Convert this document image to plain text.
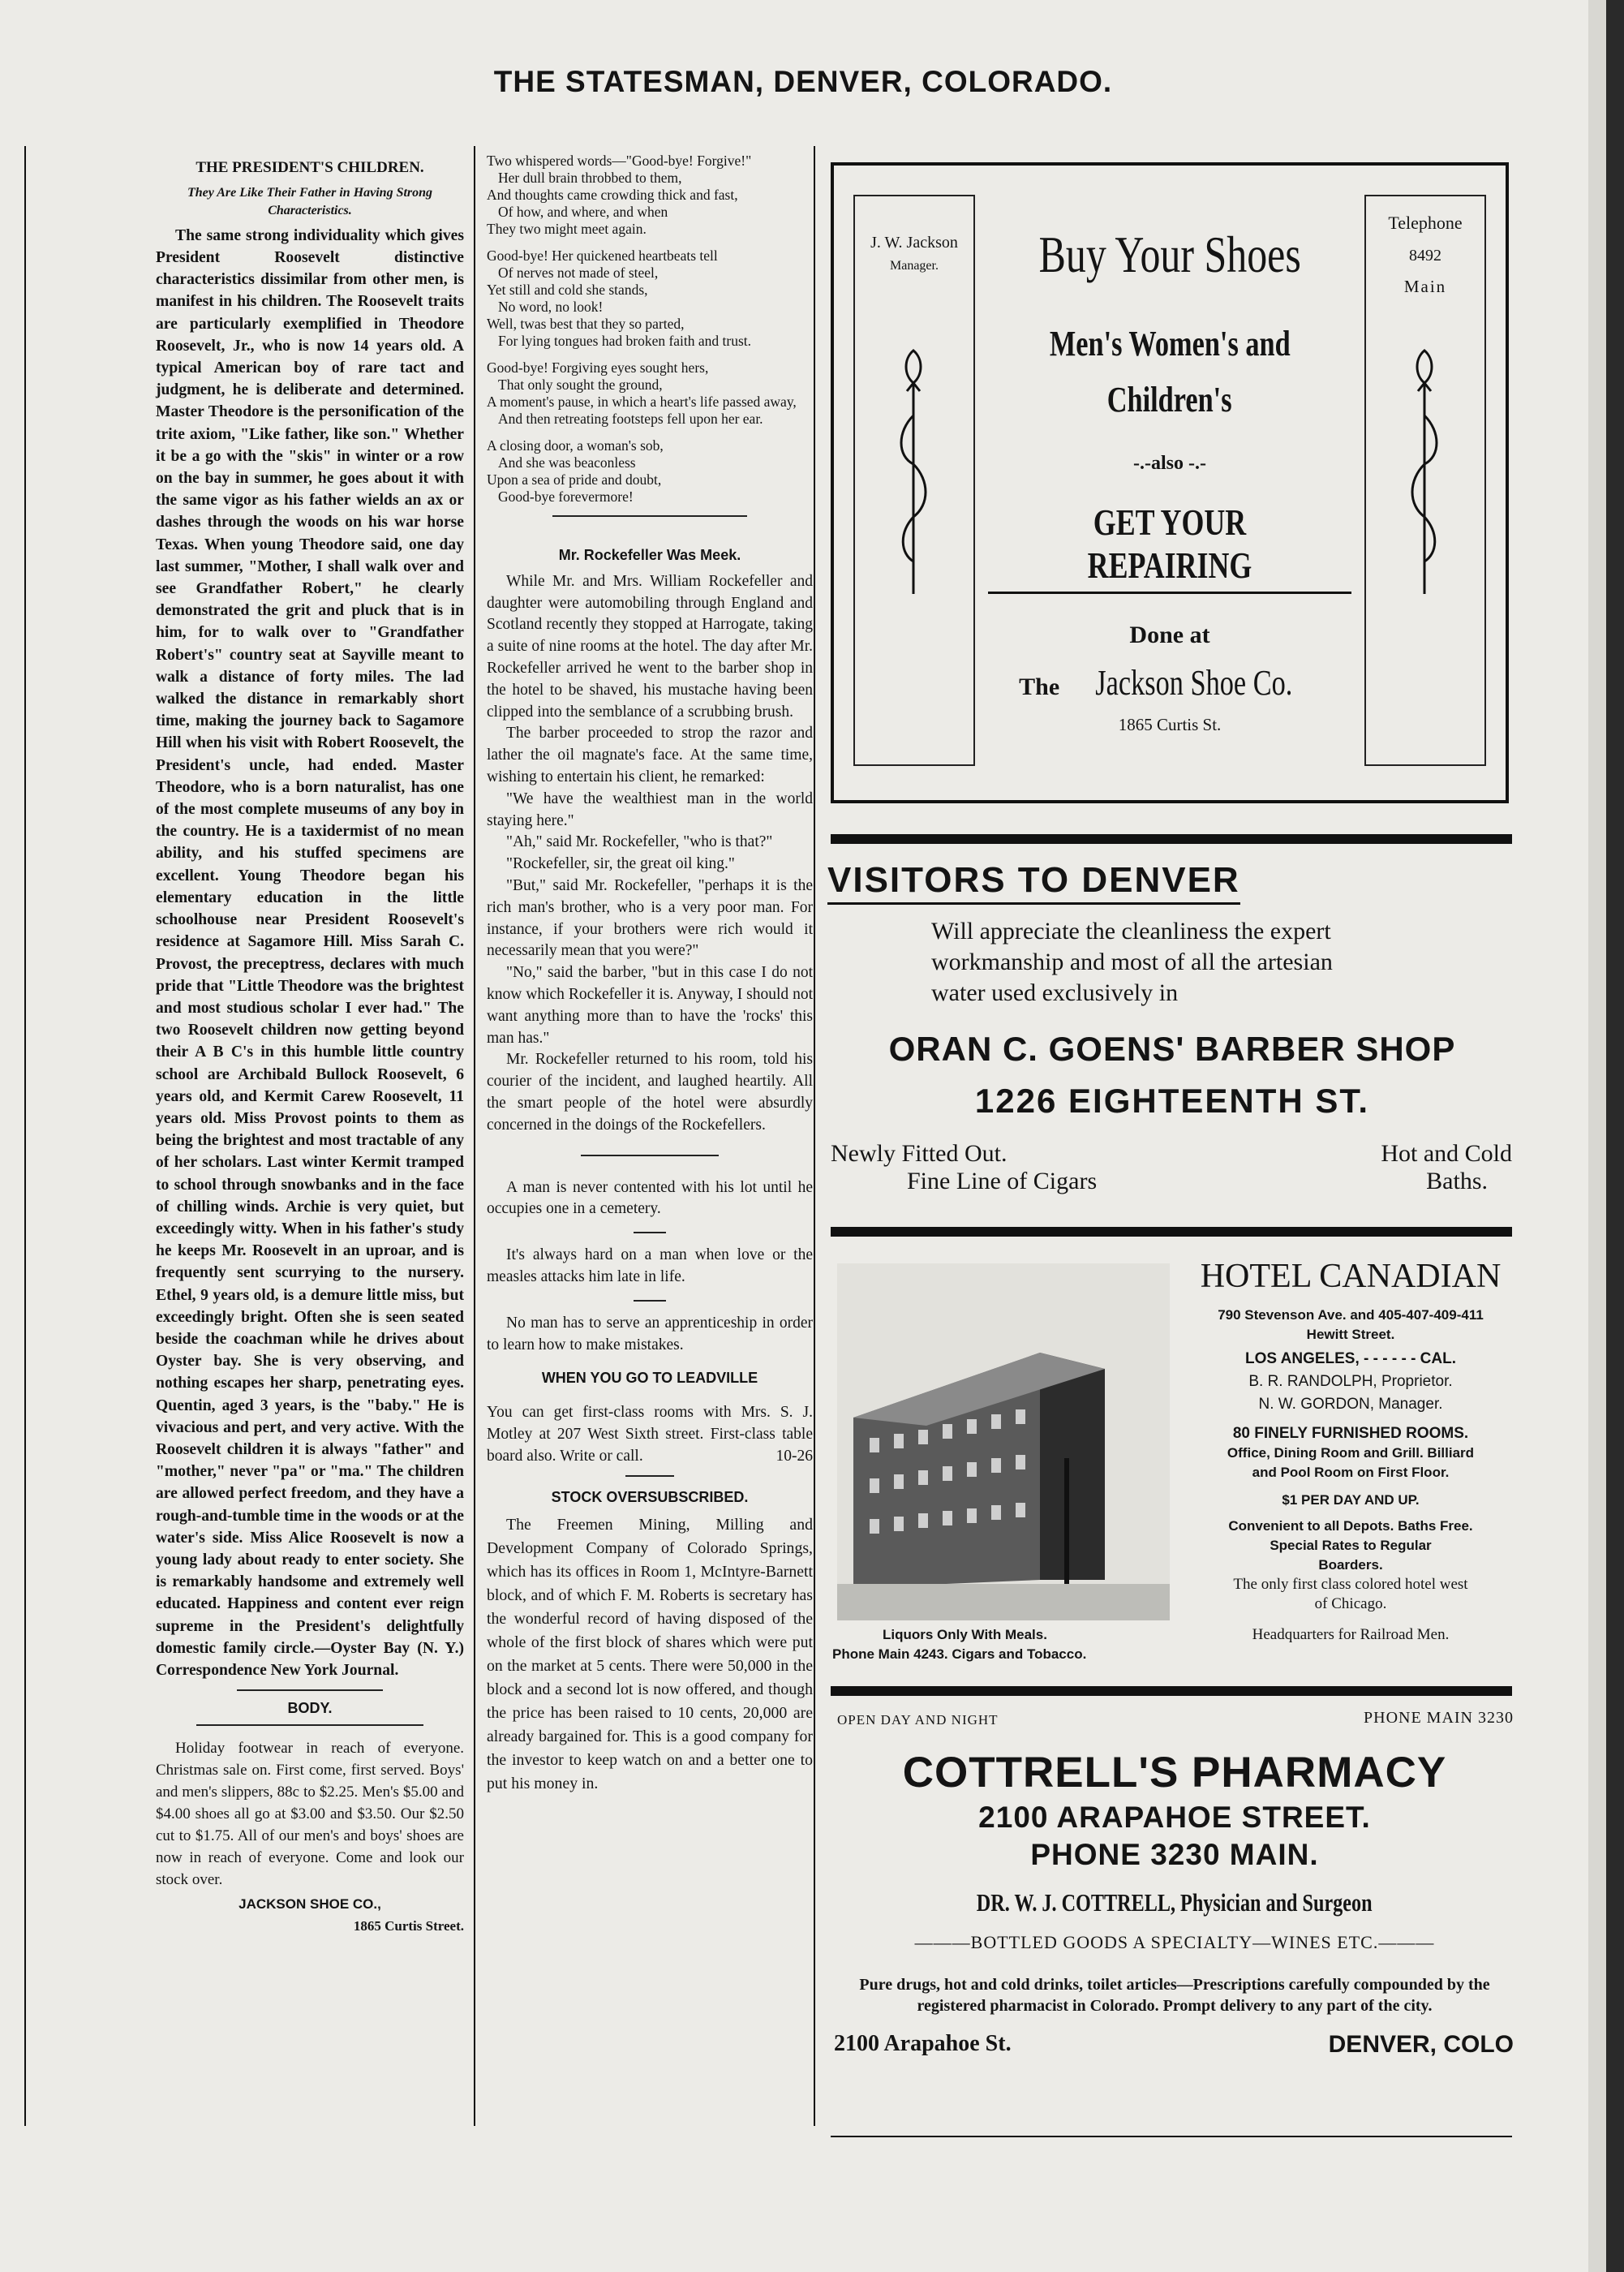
THE STATESMAN, DENVER, COLORADO.
THE PRESIDENT'S CHILDREN.
They Are Like Their Father in Having Strong Characteristics.

The same strong individuality which gives President Roosevelt distinctive characteristics dissimilar from other men, is manifest in his children. The Roosevelt traits are particularly exemplified in Theodore Roosevelt, Jr., who is now 14 years old. A typical American boy of rare tact and judgment, he is deliberate and determined. Master Theodore is the personification of the trite axiom, "Like father, like son." Whether it be a go with the "skis" in winter or a row on the bay in summer, he goes about it with the same vigor as his father wields an ax or dashes through the woods on his war horse Texas. When young Theodore said, one day last summer, "Mother, I shall walk over and see Grandfather Robert," he clearly demonstrated the grit and pluck that is in him, for to walk over to "Grandfather Robert's" country seat at Sayville meant to walk a distance of forty miles. The lad walked the distance in remarkably short time, making the journey back to Sagamore Hill when his visit with Robert Roosevelt, the President's uncle, had ended. Master Theodore, who is a born naturalist, has one of the most complete museums of any boy in the country. He is a taxidermist of no mean ability, and his stuffed specimens are excellent. Young Theodore began his elementary education in the little schoolhouse near President Roosevelt's residence at Sagamore Hill. Miss Sarah C. Provost, the preceptress, declares with much pride that "Little Theodore was the brightest and most studious scholar I ever had." The two Roosevelt children now getting beyond their A B C's in this humble little country school are Archibald Bullock Roosevelt, 6 years old, and Kermit Carew Roosevelt, 11 years old. Miss Provost points to them as being the brightest and most tractable of any of her scholars. Last winter Kermit tramped to school through snowbanks and in the face of chilling winds. Archie is very quiet, but exceedingly witty. When in his father's study he keeps Mr. Roosevelt in an uproar, and is frequently sent scurrying to the nursery. Ethel, 9 years old, is a demure little miss, but exceedingly bright. Often she is seen seated beside the coachman while he drives about Oyster bay. She is very observing, and nothing escapes her sharp, penetrating eyes. Quentin, aged 3 years, is the "baby." He is vivacious and pert, and very active. With the Roosevelt children it is always "father" and "mother," never "pa" or "ma." The children are allowed perfect freedom, and they have a rough-and-tumble time in the woods or at the water's side. Miss Alice Roosevelt is now a young lady about ready to enter society. She is remarkably handsome and extremely well educated. Happiness and content ever reign supreme in the President's delightfully domestic family circle.—Oyster Bay (N. Y.) Correspondence New York Journal.

BODY.

Holiday footwear in reach of everyone. Christmas sale on. First come, first served. Boys' and men's slippers, 88c to $2.25. Men's $5.00 and $4.00 shoes all go at $3.00 and $3.50. Our $2.50 cut to $1.75. All of our men's and boys' shoes are now in reach of everyone. Come and look our stock over.

JACKSON SHOE CO.,
1865 Curtis Street.
Two whispered words—"Good-bye! Forgive!"
Her dull brain throbbed to them,
And thoughts came crowding thick and fast,
Of how, and where, and when
They two might meet again.
Good-bye! Her quickened heartbeats tell
Of nerves not made of steel,
Yet still and cold she stands,
No word, no look!
Well, twas best that they so parted,
For lying tongues had broken faith and trust.
Good-bye! Forgiving eyes sought hers,
That only sought the ground,
A moment's pause, in which a heart's life passed away,
And then retreating footsteps fell upon her ear.
A closing door, a woman's sob,
And she was beaconless
Upon a sea of pride and doubt,
Good-bye forevermore!
Mr. Rockefeller Was Meek.

While Mr. and Mrs. William Rockefeller and daughter were automobiling through England and Scotland recently they stopped at Harrogate, taking a suite of nine rooms at the hotel. The day after Mr. Rockefeller arrived he went to the barber shop in the hotel to be shaved, his mustache having been clipped into the semblance of a scrubbing brush.

The barber proceeded to strop the razor and lather the oil magnate's face. At the same time, wishing to entertain his client, he remarked:

"We have the wealthiest man in the world staying here."

"Ah," said Mr. Rockefeller, "who is that?"

"Rockefeller, sir, the great oil king."

"But," said Mr. Rockefeller, "perhaps it is the rich man's brother, who is a very poor man. For instance, if your brothers were rich would it necessarily mean that you were?"

"No," said the barber, "but in this case I do not know which Rockefeller it is. Anyway, I should not want anything more than to have the 'rocks' this man has."

Mr. Rockefeller returned to his room, told his courier of the incident, and laughed heartily. All the smart people of the hotel were absurdly concerned in the doings of the Rockefellers.

A man is never contented with his lot until he occupies one in a cemetery.

It's always hard on a man when love or the measles attacks him late in life.

No man has to serve an apprenticeship in order to learn how to make mistakes.

WHEN YOU GO TO LEADVILLE

You can get first-class rooms with Mrs. S. J. Motley at 207 West Sixth street. First-class table board also. Write or call.	10-26

STOCK OVERSUBSCRIBED.

The Freemen Mining, Milling and Development Company of Colorado Springs, which has its offices in Room 1, McIntyre-Barnett block, and of which F. M. Roberts is secretary has the wonderful record of having disposed of the whole of the first block of shares which were put on the market at 5 cents. There were 50,000 in the block and a second lot is now offered, and though the price has been raised to 10 cents, 20,000 are already bargained for. This is a good company for the investor to keep watch on and a better one to put his money in.

J. W. Jackson
Manager.
Telephone
8492
Main
Buy Your Shoes
Men's Women's and
Children's
-.-also -.-
GET YOUR REPAIRING
Done at
The Jackson Shoe Co.
1865 Curtis St.
VISITORS TO DENVER
Will appreciate the cleanliness the expert
workmanship and most of all the artesian
water used exclusively in
ORAN C. GOENS' BARBER SHOP
1226 EIGHTEENTH ST.
Newly Fitted Out.
Fine Line of Cigars
Hot and Cold
Baths.
Liquors Only With Meals.
Phone Main 4243. Cigars and Tobacco.
HOTEL CANADIAN
790 Stevenson Ave. and 405-407-409-411
Hewitt Street.
LOS ANGELES, - - - - - - CAL.
B. R. RANDOLPH, Proprietor.
N. W. GORDON, Manager.
80 FINELY FURNISHED ROOMS.
Office, Dining Room and Grill. Billiard
and Pool Room on First Floor.
$1 PER DAY AND UP.
Convenient to all Depots. Baths Free.
Special Rates to Regular
Boarders.
The only first class colored hotel west
of Chicago.
Headquarters for Railroad Men.
OPEN DAY AND NIGHT	PHONE MAIN 3230
COTTRELL'S PHARMACY
2100 ARAPAHOE STREET.
PHONE 3230 MAIN.
DR. W. J. COTTRELL, Physician and Surgeon
———BOTTLED GOODS A SPECIALTY—WINES ETC.———
Pure drugs, hot and cold drinks, toilet articles—Prescriptions carefully compounded by the registered pharmacist in Colorado. Prompt delivery to any part of the city.
2100 Arapahoe St.	DENVER, COLO
